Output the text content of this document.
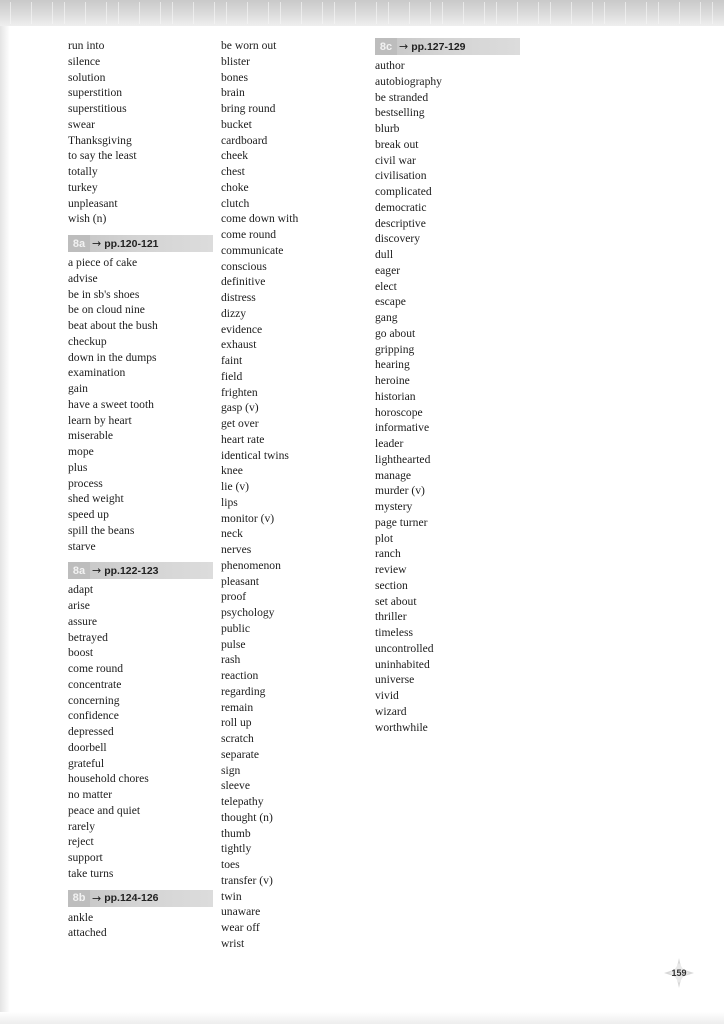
run into
silence
solution
superstition
superstitious
swear
Thanksgiving
to say the least
totally
turkey
unpleasant
wish (n)
8a → pp.120-121
a piece of cake
advise
be in sb's shoes
be on cloud nine
beat about the bush
checkup
down in the dumps
examination
gain
have a sweet tooth
learn by heart
miserable
mope
plus
process
shed weight
speed up
spill the beans
starve
8a → pp.122-123
adapt
arise
assure
betrayed
boost
come round
concentrate
concerning
confidence
depressed
doorbell
grateful
household chores
no matter
peace and quiet
rarely
reject
support
take turns
8b → pp.124-126
ankle
attached
be worn out
blister
bones
brain
bring round
bucket
cardboard
cheek
chest
choke
clutch
come down with
come round
communicate
conscious
definitive
distress
dizzy
evidence
exhaust
faint
field
frighten
gasp (v)
get over
heart rate
identical twins
knee
lie (v)
lips
monitor (v)
neck
nerves
phenomenon
pleasant
proof
psychology
public
pulse
rash
reaction
regarding
remain
roll up
scratch
separate
sign
sleeve
telepathy
thought (n)
thumb
tightly
toes
transfer (v)
twin
unaware
wear off
wrist
8c → pp.127-129
author
autobiography
be stranded
bestselling
blurb
break out
civil war
civilisation
complicated
democratic
descriptive
discovery
dull
eager
elect
escape
gang
go about
gripping
hearing
heroine
historian
horoscope
informative
leader
lighthearted
manage
murder (v)
mystery
page turner
plot
ranch
review
section
set about
thriller
timeless
uncontrolled
uninhabited
universe
vivid
wizard
worthwhile
159
